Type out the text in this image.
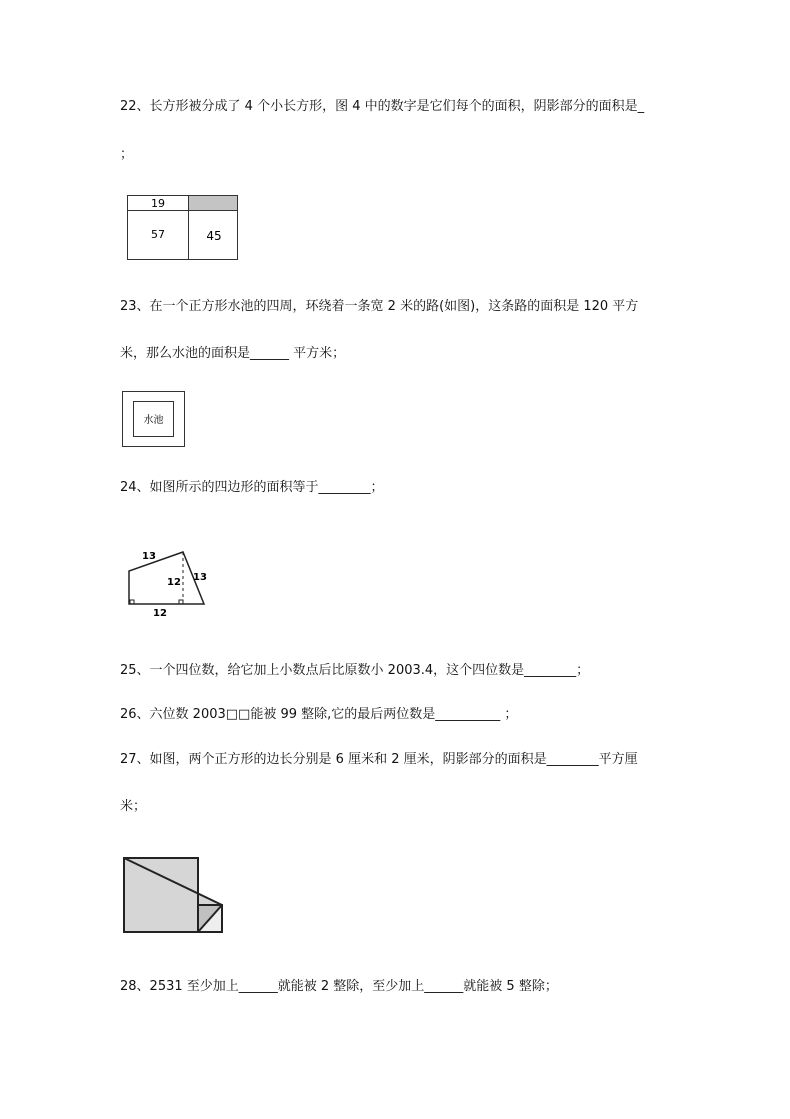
22、长方形被分成了 4 个小长方形，图 4 中的数字是它们每个的面积，阴影部分的面积是_
；
19
57	45
23、在一个正方形水池的四周，环绕着一条宽 2 米的路(如图)，这条路的面积是 120 平方
米，那么水池的面积是______ 平方米；
水池
24、如图所示的四边形的面积等于________；
13
13
12
12
25、一个四位数，给它加上小数点后比原数小 2003.4，这个四位数是________；
26、六位数 2003□□能被 99 整除,它的最后两位数是__________ ；
27、如图，两个正方形的边长分别是 6 厘米和 2 厘米，阴影部分的面积是________平方厘
米；
28、2531 至少加上______就能被 2 整除，至少加上______就能被 5 整除；
